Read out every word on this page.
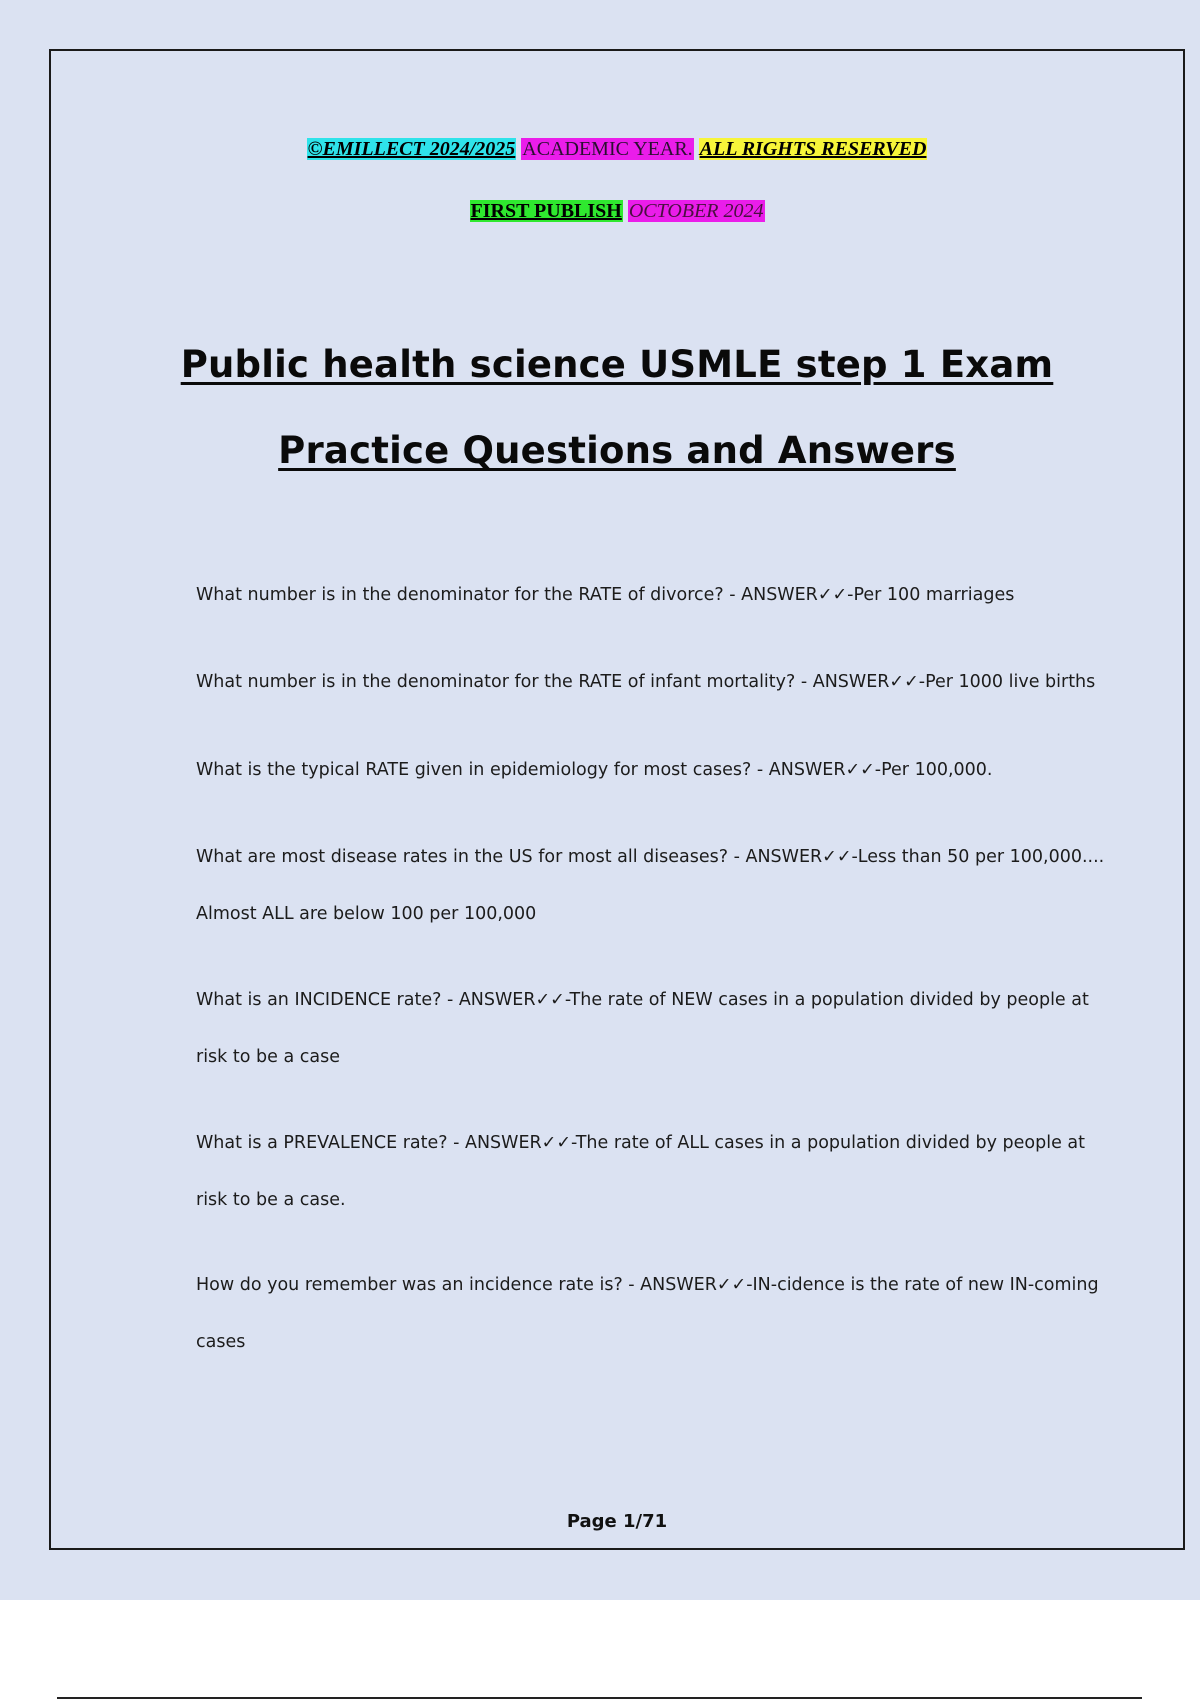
©EMILLECT 2024/2025 ACADEMIC YEAR. ALL RIGHTS RESERVED
FIRST PUBLISH OCTOBER 2024
Public health science USMLE step 1 Exam
Practice Questions and Answers
What number is in the denominator for the RATE of divorce? - ANSWER✓✓-Per 100 marriages
What number is in the denominator for the RATE of infant mortality? - ANSWER✓✓-Per 1000 live births
What is the typical RATE given in epidemiology for most cases? - ANSWER✓✓-Per 100,000.
What are most disease rates in the US for most all diseases? - ANSWER✓✓-Less than 50 per 100,000....
Almost ALL are below 100 per 100,000
What is an INCIDENCE rate? - ANSWER✓✓-The rate of NEW cases in a population divided by people at
risk to be a case
What is a PREVALENCE rate? - ANSWER✓✓-The rate of ALL cases in a population divided by people at
risk to be a case.
How do you remember was an incidence rate is? - ANSWER✓✓-IN-cidence is the rate of new IN-coming
cases
Page 1/71
